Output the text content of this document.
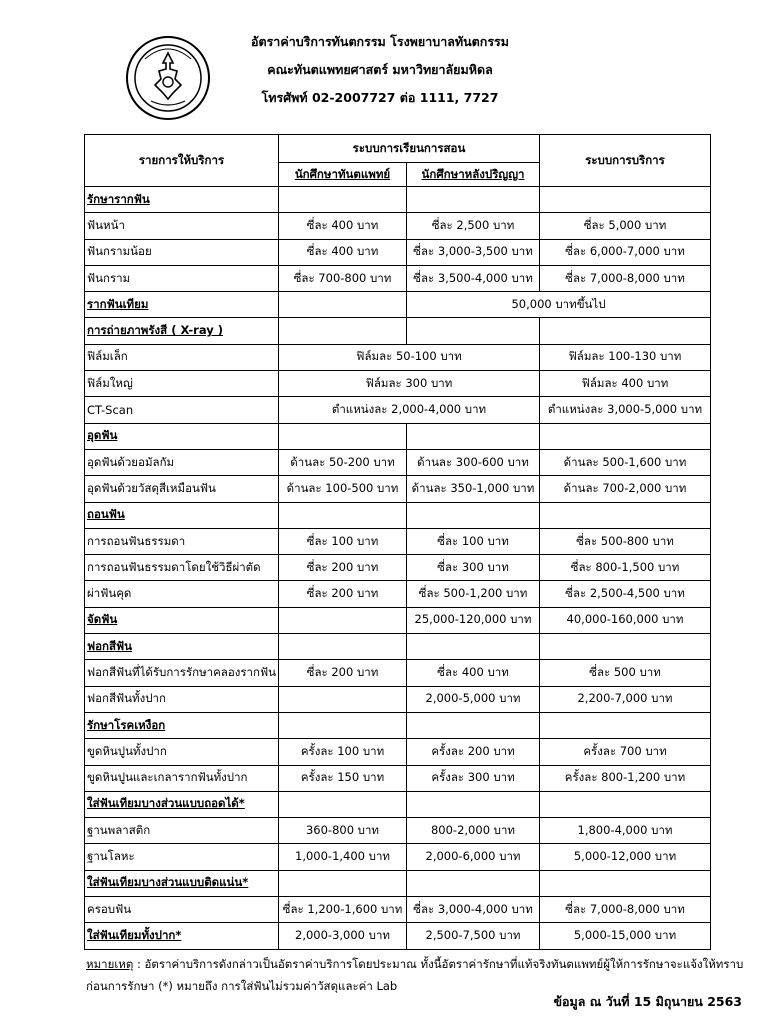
อัตราค่าบริการทันตกรรม โรงพยาบาลทันตกรรม
คณะทันตแพทยศาสตร์ มหาวิทยาลัยมหิดล
โทรศัพท์ 02-2007727 ต่อ 1111, 7727
รายการให้บริการ	ระบบการเรียนการสอน		ระบบการบริการ
	นักศึกษาทันตแพทย์	นักศึกษาหลังปริญญา	
รักษารากฟัน			
ฟันหน้า	ซี่ละ 400 บาท	ซี่ละ 2,500 บาท	ซี่ละ 5,000 บาท
ฟันกรามน้อย	ซี่ละ 400 บาท	ซี่ละ 3,000-3,500 บาท	ซี่ละ 6,000-7,000 บาท
ฟันกราม	ซี่ละ 700-800 บาท	ซี่ละ 3,500-4,000 บาท	ซี่ละ 7,000-8,000 บาท
รากฟันเทียม		50,000 บาทขึ้นไป	
การถ่ายภาพรังสี ( X-ray )			
ฟิล์มเล็ก	ฟิล์มละ 50-100 บาท		ฟิล์มละ 100-130 บาท
ฟิล์มใหญ่	ฟิล์มละ 300 บาท		ฟิล์มละ 400 บาท
CT-Scan	ตำแหน่งละ 2,000-4,000 บาท		ตำแหน่งละ 3,000-5,000 บาท
อุดฟัน			
อุดฟันด้วยอมัลกัม	ด้านละ 50-200 บาท	ด้านละ 300-600 บาท	ด้านละ 500-1,600 บาท
อุดฟันด้วยวัสดุสีเหมือนฟัน	ด้านละ 100-500 บาท	ด้านละ 350-1,000 บาท	ด้านละ 700-2,000 บาท
ถอนฟัน			
การถอนฟันธรรมดา	ซี่ละ 100 บาท	ซี่ละ 100 บาท	ซี่ละ 500-800 บาท
การถอนฟันธรรมดาโดยใช้วิธีผ่าตัด	ซี่ละ 200 บาท	ซี่ละ 300 บาท	ซี่ละ 800-1,500 บาท
ผ่าฟันคุด	ซี่ละ 200 บาท	ซี่ละ 500-1,200 บาท	ซี่ละ 2,500-4,500 บาท
จัดฟัน		25,000-120,000 บาท	40,000-160,000 บาท
ฟอกสีฟัน			
ฟอกสีฟันที่ได้รับการรักษาคลองรากฟัน	ซี่ละ 200 บาท	ซี่ละ 400 บาท	ซี่ละ 500 บาท
ฟอกสีฟันทั้งปาก		2,000-5,000 บาท	2,200-7,000 บาท
รักษาโรคเหงือก			
ขูดหินปูนทั้งปาก	ครั้งละ 100 บาท	ครั้งละ 200 บาท	ครั้งละ 700 บาท
ขูดหินปูนและเกลารากฟันทั้งปาก	ครั้งละ 150 บาท	ครั้งละ 300 บาท	ครั้งละ 800-1,200 บาท
ใส่ฟันเทียมบางส่วนแบบถอดได้*			
ฐานพลาสติก	360-800 บาท	800-2,000 บาท	1,800-4,000 บาท
ฐานโลหะ	1,000-1,400 บาท	2,000-6,000 บาท	5,000-12,000 บาท
ใส่ฟันเทียมบางส่วนแบบติดแน่น*			
ครอบฟัน	ซี่ละ 1,200-1,600 บาท	ซี่ละ 3,000-4,000 บาท	ซี่ละ 7,000-8,000 บาท
ใส่ฟันเทียมทั้งปาก*	2,000-3,000 บาท	2,500-7,500 บาท	5,000-15,000 บาท
หมายเหตุ : อัตราค่าบริการดังกล่าวเป็นอัตราค่าบริการโดยประมาณ ทั้งนี้อัตราค่ารักษาที่แท้จริงทันตแพทย์ผู้ให้การรักษาจะแจ้งให้ทราบ
ก่อนการรักษา (*) หมายถึง การใส่ฟันไม่รวมค่าวัสดุและค่า Lab
ข้อมูล ณ วันที่ 15 มิถุนายน 2563
